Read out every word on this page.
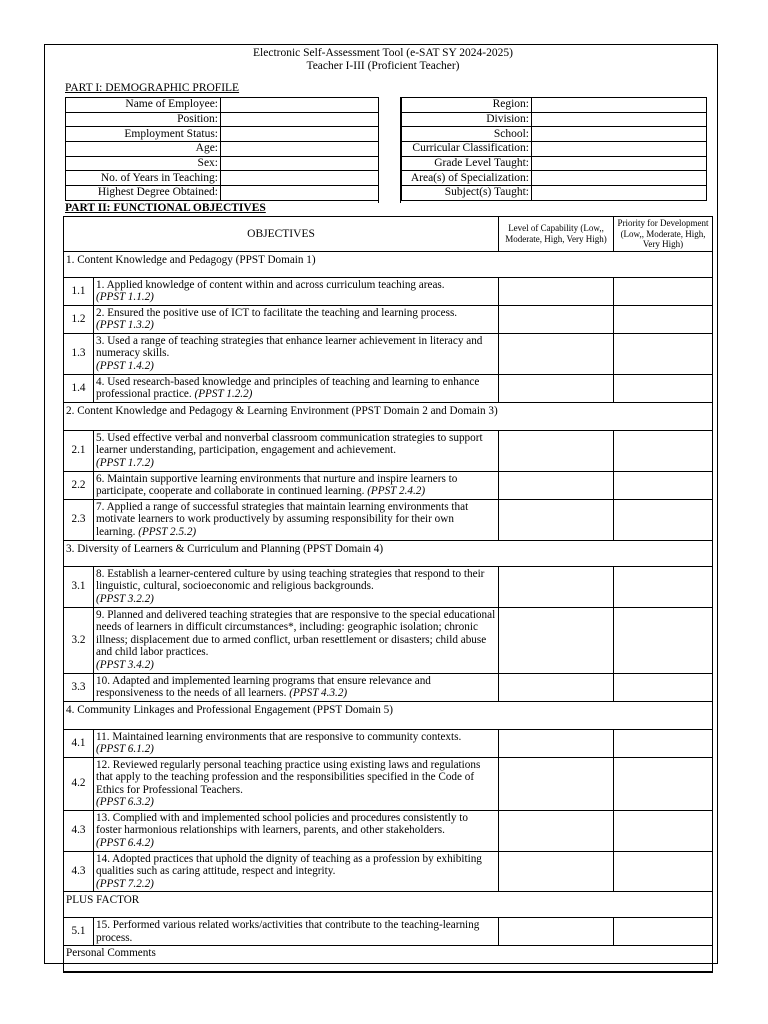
Electronic Self-Assessment Tool (e-SAT SY 2024-2025)
Teacher I-III (Proficient Teacher)
PART I: DEMOGRAPHIC PROFILE
Name of Employee:	
Position:	
Employment Status:	
Age:	
Sex:	
No. of Years in Teaching:	
Highest Degree Obtained:	
Region:	
Division:	
School:	
Curricular Classification:	
Grade Level Taught:	
Area(s) of Specialization:	
Subject(s) Taught:	
PART II: FUNCTIONAL OBJECTIVES
OBJECTIVES		Level of Capability (Low,, Moderate, High, Very High)	Priority for Development (Low,, Moderate, High, Very High)
1. Content Knowledge and Pedagogy (PPST Domain 1)			
1.1	1. Applied knowledge of content within and across curriculum teaching areas.
(PPST 1.1.2)		
1.2	2. Ensured the positive use of ICT to facilitate the teaching and learning process.
(PPST 1.3.2)		
1.3	3. Used a range of teaching strategies that enhance learner achievement in literacy and numeracy skills.
(PPST 1.4.2)		
1.4	4. Used research-based knowledge and principles of teaching and learning to enhance professional practice. (PPST 1.2.2)		
2. Content Knowledge and Pedagogy & Learning Environment (PPST Domain 2 and Domain 3)			
2.1	5. Used effective verbal and nonverbal classroom communication strategies to support learner understanding, participation, engagement and achievement.
(PPST 1.7.2)		
2.2	6. Maintain supportive learning environments that nurture and inspire learners to participate, cooperate and collaborate in continued learning. (PPST 2.4.2)		
2.3	7. Applied a range of successful strategies that maintain learning environments that motivate learners to work productively by assuming responsibility for their own learning. (PPST 2.5.2)		
3. Diversity of Learners & Curriculum and Planning (PPST Domain 4)			
3.1	8. Establish a learner-centered culture by using teaching strategies that respond to their linguistic, cultural, socioeconomic and religious backgrounds.
(PPST 3.2.2)		
3.2	9. Planned and delivered teaching strategies that are responsive to the special educational needs of learners in difficult circumstances*, including: geographic isolation; chronic illness; displacement due to armed conflict, urban resettlement or disasters; child abuse and child labor practices.
(PPST 3.4.2)		
3.3	10. Adapted and implemented learning programs that ensure relevance and responsiveness to the needs of all learners. (PPST 4.3.2)		
4. Community Linkages and Professional Engagement (PPST Domain 5)			
4.1	11. Maintained learning environments that are responsive to community contexts.
(PPST 6.1.2)		
4.2	12. Reviewed regularly personal teaching practice using existing laws and regulations that apply to the teaching profession and the responsibilities specified in the Code of Ethics for Professional Teachers.
(PPST 6.3.2)		
4.3	13. Complied with and implemented school policies and procedures consistently to foster harmonious relationships with learners, parents, and other stakeholders.
(PPST 6.4.2)		
4.3	14. Adopted practices that uphold the dignity of teaching as a profession by exhibiting qualities such as caring attitude, respect and integrity.
(PPST 7.2.2)		
PLUS FACTOR			
5.1	15. Performed various related works/activities that contribute to the teaching-learning process.		
Personal Comments			
